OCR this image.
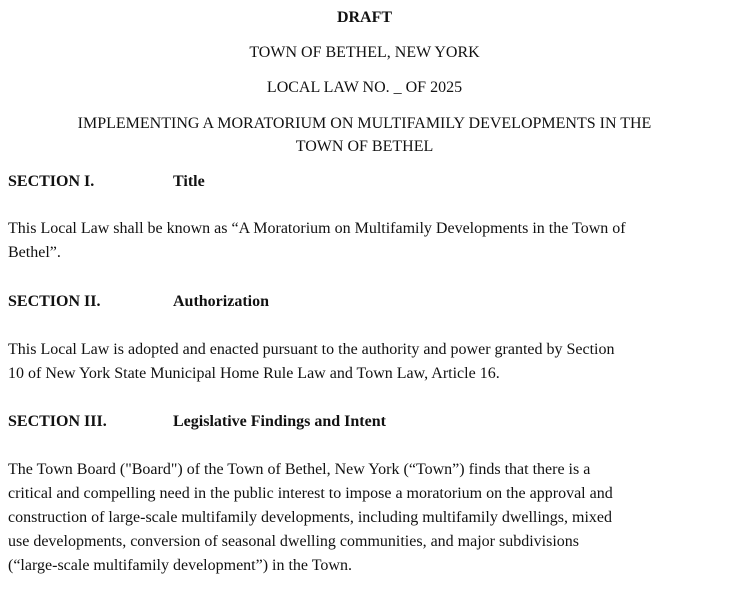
DRAFT
TOWN OF BETHEL, NEW YORK
LOCAL LAW NO. _ OF 2025
IMPLEMENTING A MORATORIUM ON MULTIFAMILY DEVELOPMENTS IN THE
TOWN OF BETHEL
SECTION I.	Title
This Local Law shall be known as “A Moratorium on Multifamily Developments in the Town of
Bethel”.
SECTION II.	Authorization
This Local Law is adopted and enacted pursuant to the authority and power granted by Section
10 of New York State Municipal Home Rule Law and Town Law, Article 16.
SECTION III.	Legislative Findings and Intent
The Town Board ("Board") of the Town of Bethel, New York (“Town”) finds that there is a
critical and compelling need in the public interest to impose a moratorium on the approval and
construction of large-scale multifamily developments, including multifamily dwellings, mixed
use developments, conversion of seasonal dwelling communities, and major subdivisions
(“large-scale multifamily development”) in the Town.
